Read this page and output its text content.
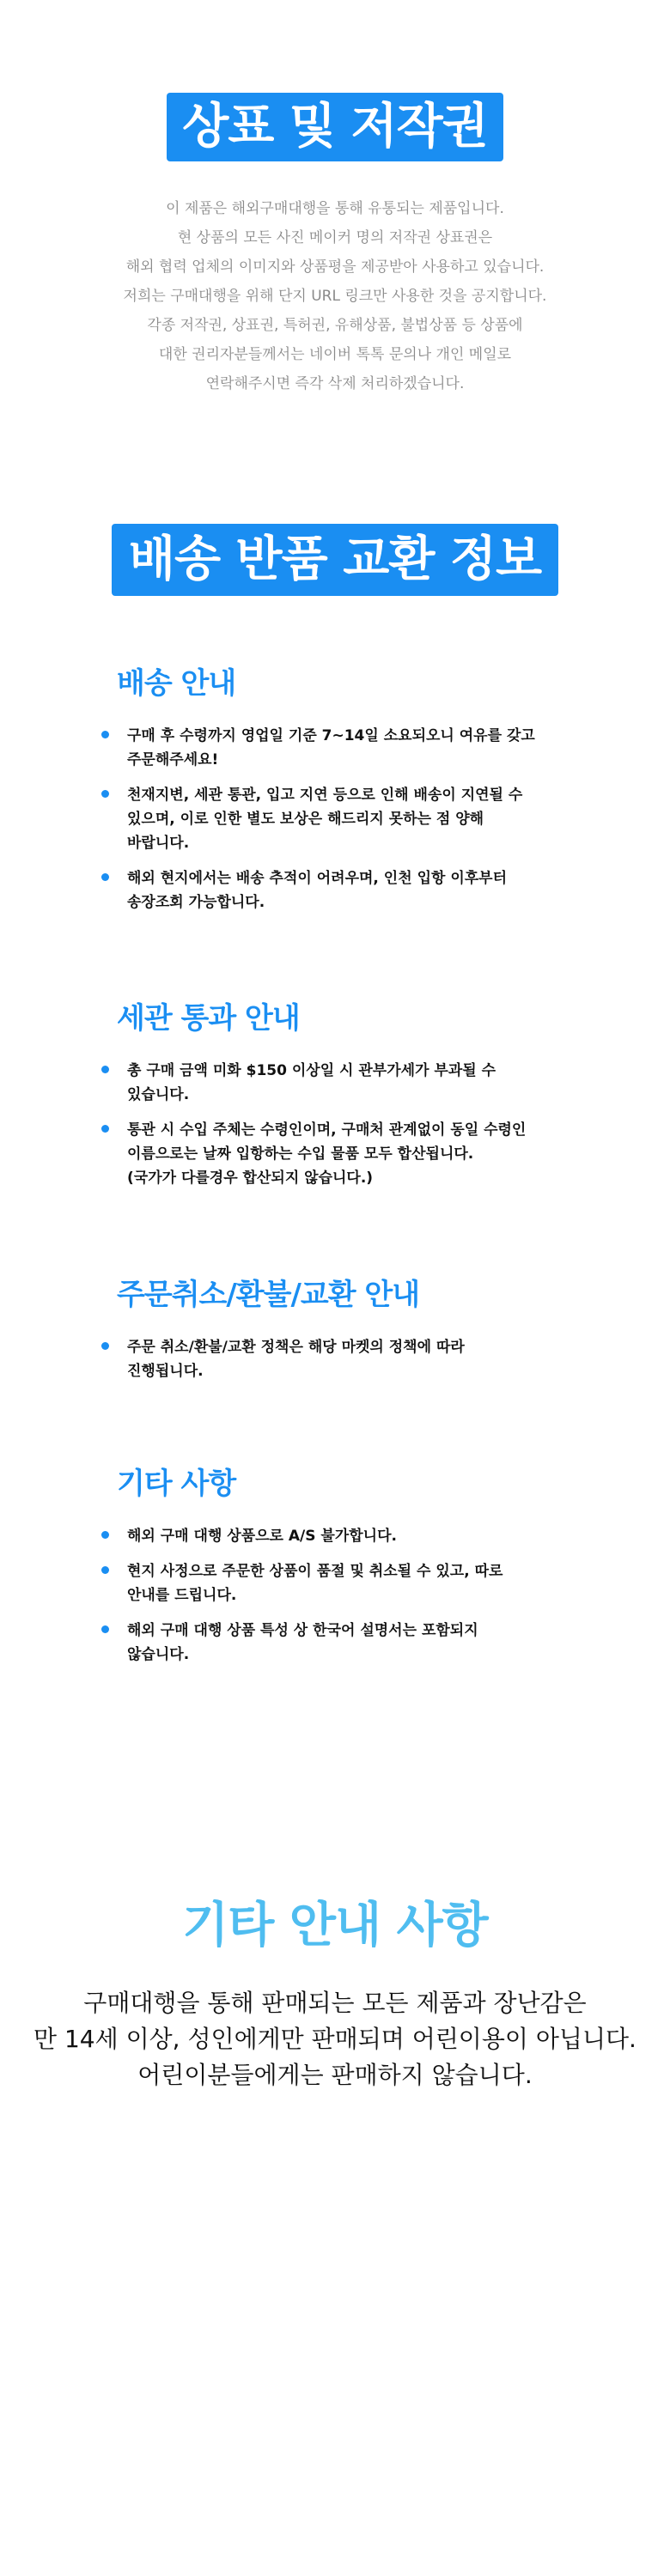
상표 및 저작권
이 제품은 해외구매대행을 통해 유통되는 제품입니다.
현 상품의 모든 사진 메이커 명의 저작권 상표권은
해외 협력 업체의 이미지와 상품평을 제공받아 사용하고 있습니다.
저희는 구매대행을 위해 단지 URL 링크만 사용한 것을 공지합니다.
각종 저작권, 상표권, 특허권, 유해상품, 불법상품 등 상품에
대한 권리자분들께서는 네이버 톡톡 문의나 개인 메일로
연락해주시면 즉각 삭제 처리하겠습니다.
배송 반품 교환 정보
배송 안내
구매 후 수령까지 영업일 기준 7~14일 소요되오니 여유를 갖고
주문해주세요!
천재지변, 세관 통관, 입고 지연 등으로 인해 배송이 지연될 수
있으며, 이로 인한 별도 보상은 해드리지 못하는 점 양해
바랍니다.
해외 현지에서는 배송 추적이 어려우며, 인천 입항 이후부터
송장조회 가능합니다.
세관 통과 안내
총 구매 금액 미화 $150 이상일 시 관부가세가 부과될 수
있습니다.
통관 시 수입 주체는 수령인이며, 구매처 관계없이 동일 수령인
이름으로는 날짜 입항하는 수입 물품 모두 합산됩니다.
(국가가 다를경우 합산되지 않습니다.)
주문취소/환불/교환 안내
주문 취소/환불/교환 정책은 해당 마켓의 정책에 따라
진행됩니다.
기타 사항
해외 구매 대행 상품으로 A/S 불가합니다.
현지 사정으로 주문한 상품이 품절 및 취소될 수 있고, 따로
안내를 드립니다.
해외 구매 대행 상품 특성 상 한국어 설명서는 포함되지
않습니다.
기타 안내 사항
구매대행을 통해 판매되는 모든 제품과 장난감은
만 14세 이상, 성인에게만 판매되며 어린이용이 아닙니다.
어린이분들에게는 판매하지 않습니다.
